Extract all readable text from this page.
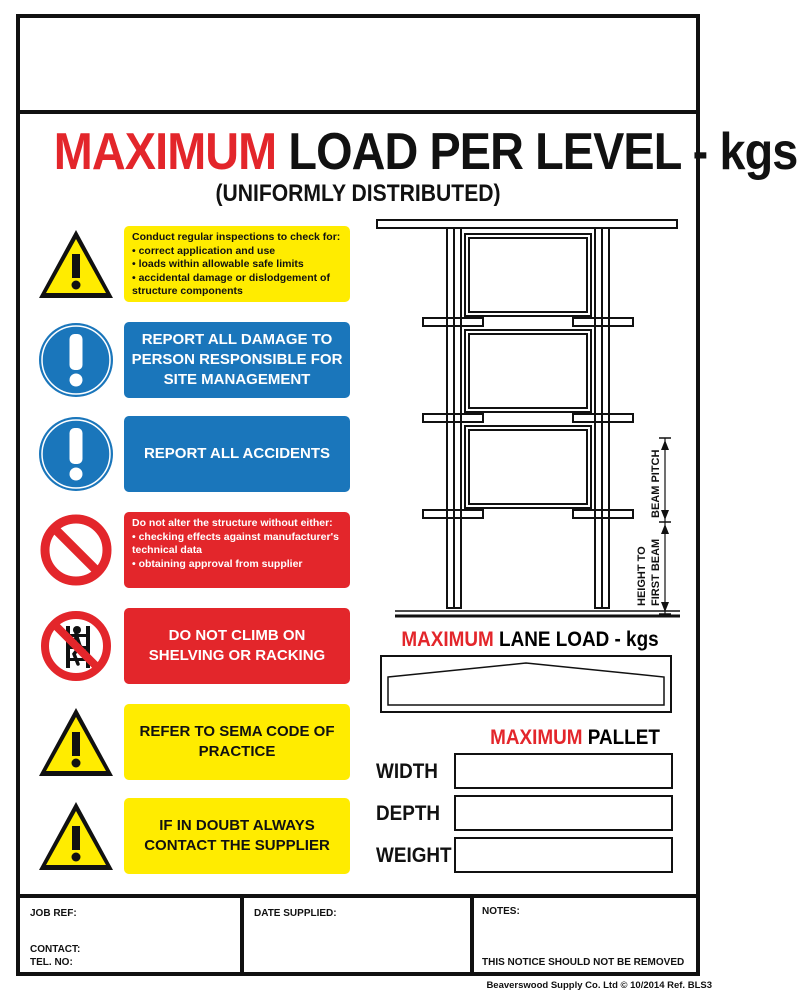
MAXIMUM LOAD PER LEVEL - kgs
(UNIFORMLY DISTRIBUTED)
Conduct regular inspections to check for:
• correct application and use
• loads within allowable safe limits
• accidental damage or dislodgement of structure components
REPORT ALL DAMAGE TO PERSON RESPONSIBLE FOR SITE MANAGEMENT
REPORT ALL ACCIDENTS
Do not alter the structure without either:
• checking effects against manufacturer's technical data
• obtaining approval from supplier
DO NOT CLIMB ON SHELVING OR RACKING
REFER TO SEMA CODE OF PRACTICE
IF IN DOUBT ALWAYS CONTACT THE SUPPLIER
BEAM PITCH
HEIGHT TO FIRST BEAM
MAXIMUM LANE LOAD - kgs
MAXIMUM PALLET
WIDTH
DEPTH
WEIGHT
JOB REF:
CONTACT:
TEL. NO:
DATE SUPPLIED:	NOTES:
THIS NOTICE SHOULD NOT BE REMOVED
Beaverswood Supply Co. Ltd © 10/2014 Ref. BLS3
